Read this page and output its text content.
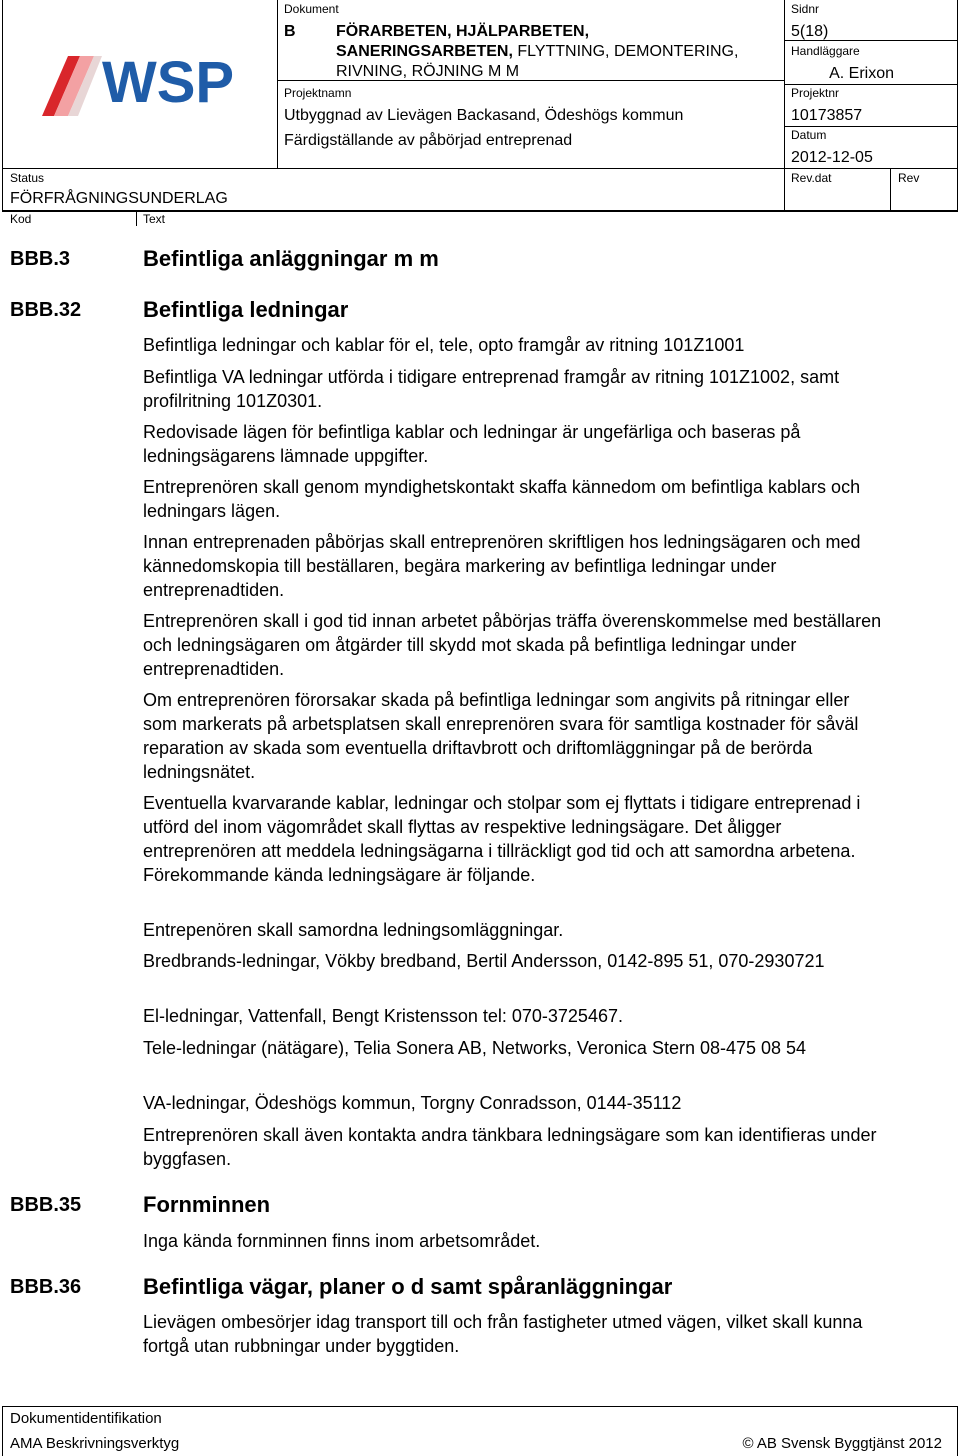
WSP
Dokument
B	FÖRARBETEN, HJÄLPARBETEN,
SANERINGSARBETEN, FLYTTNING, DEMONTERING,
RIVNING, RÖJNING M M
Projektnamn
Utbyggnad av Lievägen Backasand, Ödeshögs kommun
Färdigställande av påbörjad entreprenad
Sidnr
5(18)
Handläggare
A. Erixon
Projektnr
10173857
Datum
2012-12-05
Status
FÖRFRÅGNINGSUNDERLAG
Rev.dat	Rev
Kod	Text
BBB.3	Befintliga anläggningar m m
BBB.32	Befintliga ledningar
Befintliga ledningar och kablar för el, tele, opto framgår av ritning 101Z1001
Befintliga VA ledningar utförda i tidigare entreprenad framgår av ritning 101Z1002, samt profilritning 101Z0301.
Redovisade lägen för befintliga kablar och ledningar är ungefärliga och baseras på ledningsägarens lämnade uppgifter.
Entreprenören skall genom myndighetskontakt skaffa kännedom om befintliga kablars och ledningars lägen.
Innan entreprenaden påbörjas skall entreprenören skriftligen hos ledningsägaren och med kännedomskopia till beställaren, begära markering av befintliga ledningar under entreprenadtiden.
Entreprenören skall i god tid innan arbetet påbörjas träffa överenskommelse med beställaren och ledningsägaren om åtgärder till skydd mot skada på befintliga ledningar under entreprenadtiden.
Om entreprenören förorsakar skada på befintliga ledningar som angivits på ritningar eller som markerats på arbetsplatsen skall enreprenören svara för samtliga kostnader för såväl reparation av skada som eventuella driftavbrott och driftomläggningar på de berörda ledningsnätet.
Eventuella kvarvarande kablar, ledningar och stolpar som ej flyttats i tidigare entreprenad i utförd del inom vägområdet skall flyttas av respektive ledningsägare. Det åligger entreprenören att meddela ledningsägarna i tillräckligt god tid och att samordna arbetena. Förekommande kända ledningsägare är följande.
Entrepenören skall samordna ledningsomläggningar.
Bredbrands-ledningar, Vökby bredband, Bertil Andersson, 0142-895 51, 070-2930721
El-ledningar, Vattenfall, Bengt Kristensson tel: 070-3725467.
Tele-ledningar (nätägare), Telia Sonera AB, Networks, Veronica Stern 08-475 08 54
VA-ledningar, Ödeshögs kommun, Torgny Conradsson, 0144-35112
Entreprenören skall även kontakta andra tänkbara ledningsägare som kan identifieras under byggfasen.
BBB.35	Fornminnen
Inga kända fornminnen finns inom arbetsområdet.
BBB.36	Befintliga vägar, planer o d samt spåranläggningar
Lievägen ombesörjer idag transport till och från fastigheter utmed vägen, vilket skall kunna fortgå utan rubbningar under byggtiden.
Dokumentidentifikation
AMA Beskrivningsverktyg	© AB Svensk Byggtjänst 2012
